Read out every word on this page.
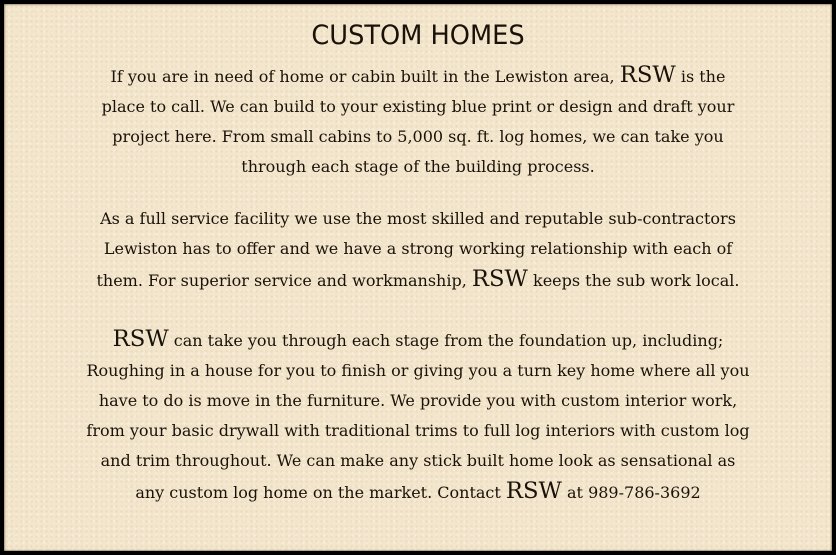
CUSTOM HOMES

If you are in need of home or cabin built in the Lewiston area, RSW is the

place to call. We can build to your existing blue print or design and draft your

project here. From small cabins to 5,000 sq. ft. log homes, we can take you

through each stage of the building process.

As a full service facility we use the most skilled and reputable sub-contractors

Lewiston has to offer and we have a strong working relationship with each of

them. For superior service and workmanship, RSW keeps the sub work local.

RSW can take you through each stage from the foundation up, including;

Roughing in a house for you to finish or giving you a turn key home where all you

have to do is move in the furniture. We provide you with custom interior work,

from your basic drywall with traditional trims to full log interiors with custom log

and trim throughout. We can make any stick built home look as sensational as

any custom log home on the market. Contact RSW at 989-786-3692
